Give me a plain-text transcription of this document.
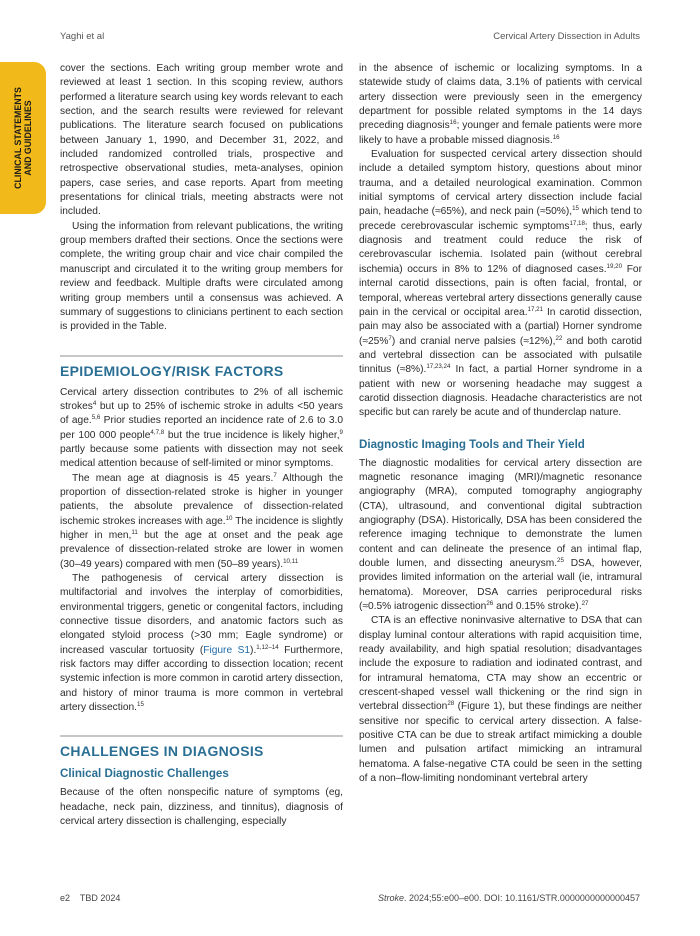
Yaghi et al	Cervical Artery Dissection in Adults
CLINICAL STATEMENTS AND GUIDELINES

cover the sections. Each writing group member wrote and reviewed at least 1 section. In this scoping review, authors performed a literature search using key words relevant to each section, and the search results were reviewed for relevant publications. The literature search focused on publications between January 1, 1990, and December 31, 2022, and included randomized controlled trials, prospective and retrospective observational studies, meta-analyses, opinion papers, case series, and case reports. Apart from meeting presentations for clinical trials, meeting abstracts were not included.

Using the information from relevant publications, the writing group members drafted their sections. Once the sections were complete, the writing group chair and vice chair compiled the manuscript and circulated it to the writing group members for review and feedback. Multiple drafts were circulated among writing group members until a consensus was achieved. A summary of suggestions to clinicians pertinent to each section is provided in the Table.

EPIDEMIOLOGY/RISK FACTORS

Cervical artery dissection contributes to 2% of all ischemic strokes$^4$ but up to 25% of ischemic stroke in adults <50 years of age.$^{5,6}$ Prior studies reported an incidence rate of 2.6 to 3.0 per 100 000 people$^{4,7,8}$ but the true incidence is likely higher,$^9$ partly because some patients with dissection may not seek medical attention because of self-limited or minor symptoms.

The mean age at diagnosis is 45 years.$^7$ Although the proportion of dissection-related stroke is higher in younger patients, the absolute prevalence of dissection-related ischemic strokes increases with age.$^{10}$ The incidence is slightly higher in men,$^{11}$ but the age at onset and the peak age prevalence of dissection-related stroke are lower in women (30–49 years) compared with men (50–89 years).$^{10,11}$

The pathogenesis of cervical artery dissection is multifactorial and involves the interplay of comorbidities, environmental triggers, genetic or congenital factors, including connective tissue disorders, and anatomic factors such as elongated styloid process (>30 mm; Eagle syndrome) or increased vascular tortuosity (Figure S1).$^{1,12-14}$ Furthermore, risk factors may differ according to dissection location; recent systemic infection is more common in carotid artery dissection, and history of minor trauma is more common in vertebral artery dissection.$^{15}$

CHALLENGES IN DIAGNOSIS
Clinical Diagnostic Challenges

Because of the often nonspecific nature of symptoms (eg, headache, neck pain, dizziness, and tinnitus), diagnosis of cervical artery dissection is challenging, especially

in the absence of ischemic or localizing symptoms. In a statewide study of claims data, 3.1% of patients with cervical artery dissection were previously seen in the emergency department for possible related symptoms in the 14 days preceding diagnosis$^{16}$; younger and female patients were more likely to have a probable missed diagnosis.$^{16}$

Evaluation for suspected cervical artery dissection should include a detailed symptom history, questions about minor trauma, and a detailed neurological examination. Common initial symptoms of cervical artery dissection include facial pain, headache (≈65%), and neck pain (≈50%),$^{15}$ which tend to precede cerebrovascular ischemic symptoms$^{17,18}$; thus, early diagnosis and treatment could reduce the risk of cerebrovascular ischemia. Isolated pain (without cerebral ischemia) occurs in 8% to 12% of diagnosed cases.$^{19,20}$ For internal carotid dissections, pain is often facial, frontal, or temporal, whereas vertebral artery dissections generally cause pain in the cervical or occipital area.$^{17,21}$ In carotid dissection, pain may also be associated with a (partial) Horner syndrome (≈25%$^7$) and cranial nerve palsies (≈12%),$^{22}$ and both carotid and vertebral dissection can be associated with pulsatile tinnitus (≈8%).$^{17,23,24}$ In fact, a partial Horner syndrome in a patient with new or worsening headache may suggest a carotid dissection diagnosis. Headache characteristics are not specific but can rarely be acute and of thunderclap nature.

Diagnostic Imaging Tools and Their Yield

The diagnostic modalities for cervical artery dissection are magnetic resonance imaging (MRI)/magnetic resonance angiography (MRA), computed tomography angiography (CTA), ultrasound, and conventional digital subtraction angiography (DSA). Historically, DSA has been considered the reference imaging technique to demonstrate the lumen content and can delineate the presence of an intimal flap, double lumen, and dissecting aneurysm.$^{25}$ DSA, however, provides limited information on the arterial wall (ie, intramural hematoma). Moreover, DSA carries periprocedural risks (≈0.5% iatrogenic dissection$^{26}$ and 0.15% stroke).$^{27}$

CTA is an effective noninvasive alternative to DSA that can display luminal contour alterations with rapid acquisition time, ready availability, and high spatial resolution; disadvantages include the exposure to radiation and iodinated contrast, and for intramural hematoma, CTA may show an eccentric or crescent-shaped vessel wall thickening or the rind sign in vertebral dissection$^{28}$ (Figure 1), but these findings are neither sensitive nor specific to cervical artery dissection. A false-positive CTA can be due to streak artifact mimicking a double lumen and pulsation artifact mimicking an intramural hematoma. A false-negative CTA could be seen in the setting of a non–flow-limiting nondominant vertebral artery

e2 TBD 2024	Stroke. 2024;55:e00–e00. DOI: 10.1161/STR.0000000000000457
